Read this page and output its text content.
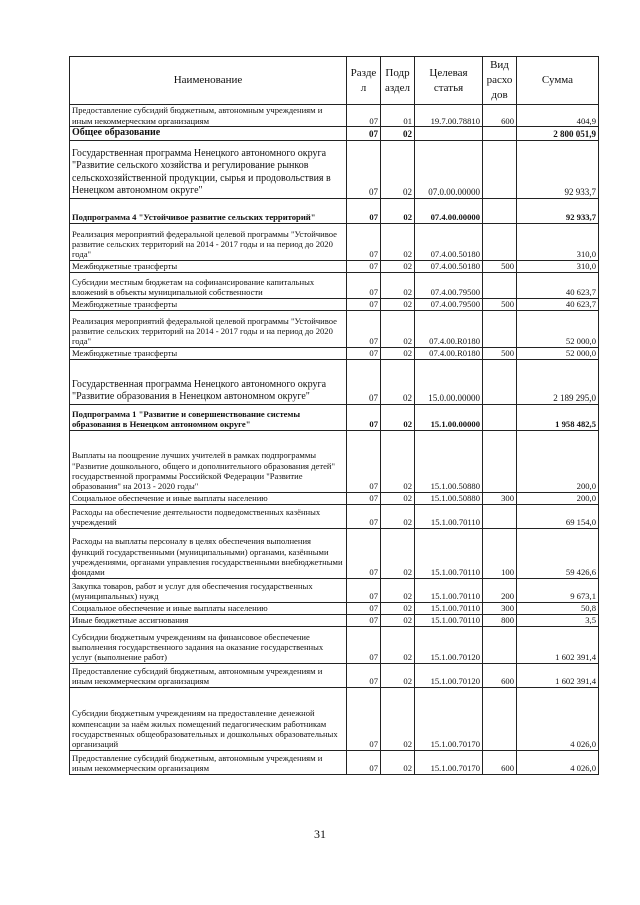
Наименование	Разде л	Подр аздел	Целевая статья	Вид расхо дов	Сумма
Предоставление субсидий бюджетным, автономным учреждениям и иным некоммерческим организациям	07	01	19.7.00.78810	600	404,9
Общее образование	07	02			2 800 051,9
Государственная программа Ненецкого автономного округа "Развитие сельского хозяйства и регулирование рынков сельскохозяйственной продукции, сырья и продовольствия в Ненецком автономном округе"	07	02	07.0.00.00000		92 933,7
Подпрограмма 4 "Устойчивое развитие сельских территорий"	07	02	07.4.00.00000		92 933,7
Реализация мероприятий федеральной целевой программы "Устойчивое развитие сельских территорий на 2014 - 2017 годы и на период до 2020 года"	07	02	07.4.00.50180		310,0
Межбюджетные трансферты	07	02	07.4.00.50180	500	310,0
Субсидии местным бюджетам на софинансирование капитальных вложений в объекты муниципальной собственности	07	02	07.4.00.79500		40 623,7
Межбюджетные трансферты	07	02	07.4.00.79500	500	40 623,7
Реализация мероприятий федеральной целевой программы "Устойчивое развитие сельских территорий на 2014 - 2017 годы и на период до 2020 года"	07	02	07.4.00.R0180		52 000,0
Межбюджетные трансферты	07	02	07.4.00.R0180	500	52 000,0
Государственная программа Ненецкого автономного округа "Развитие образования в Ненецком автономном округе"	07	02	15.0.00.00000		2 189 295,0
Подпрограмма 1 "Развитие и совершенствование системы образования в Ненецком автономном округе"	07	02	15.1.00.00000		1 958 482,5
Выплаты на поощрение лучших учителей в рамках подпрограммы "Развитие дошкольного, общего и дополнительного образования детей" государственной программы Российской Федерации "Развитие образования" на 2013 - 2020 годы"	07	02	15.1.00.50880		200,0
Социальное обеспечение и иные выплаты населению	07	02	15.1.00.50880	300	200,0
Расходы на обеспечение деятельности подведомственных казённых учреждений	07	02	15.1.00.70110		69 154,0
Расходы на выплаты персоналу в целях обеспечения выполнения функций государственными (муниципальными) органами, казёнными учреждениями, органами управления государственными внебюджетными фондами	07	02	15.1.00.70110	100	59 426,6
Закупка товаров, работ и услуг для обеспечения государственных (муниципальных) нужд	07	02	15.1.00.70110	200	9 673,1
Социальное обеспечение и иные выплаты населению	07	02	15.1.00.70110	300	50,8
Иные бюджетные ассигнования	07	02	15.1.00.70110	800	3,5
Субсидии бюджетным учреждениям на финансовое обеспечение выполнения государственного задания на оказание государственных услуг (выполнение работ)	07	02	15.1.00.70120		1 602 391,4
Предоставление субсидий бюджетным, автономным учреждениям и иным некоммерческим организациям	07	02	15.1.00.70120	600	1 602 391,4
Субсидии бюджетным учреждениям на предоставление денежной компенсации за наём жилых помещений педагогическим работникам государственных общеобразовательных и дошкольных образовательных организаций	07	02	15.1.00.70170		4 026,0
Предоставление субсидий бюджетным, автономным учреждениям и иным некоммерческим организациям	07	02	15.1.00.70170	600	4 026,0
31
